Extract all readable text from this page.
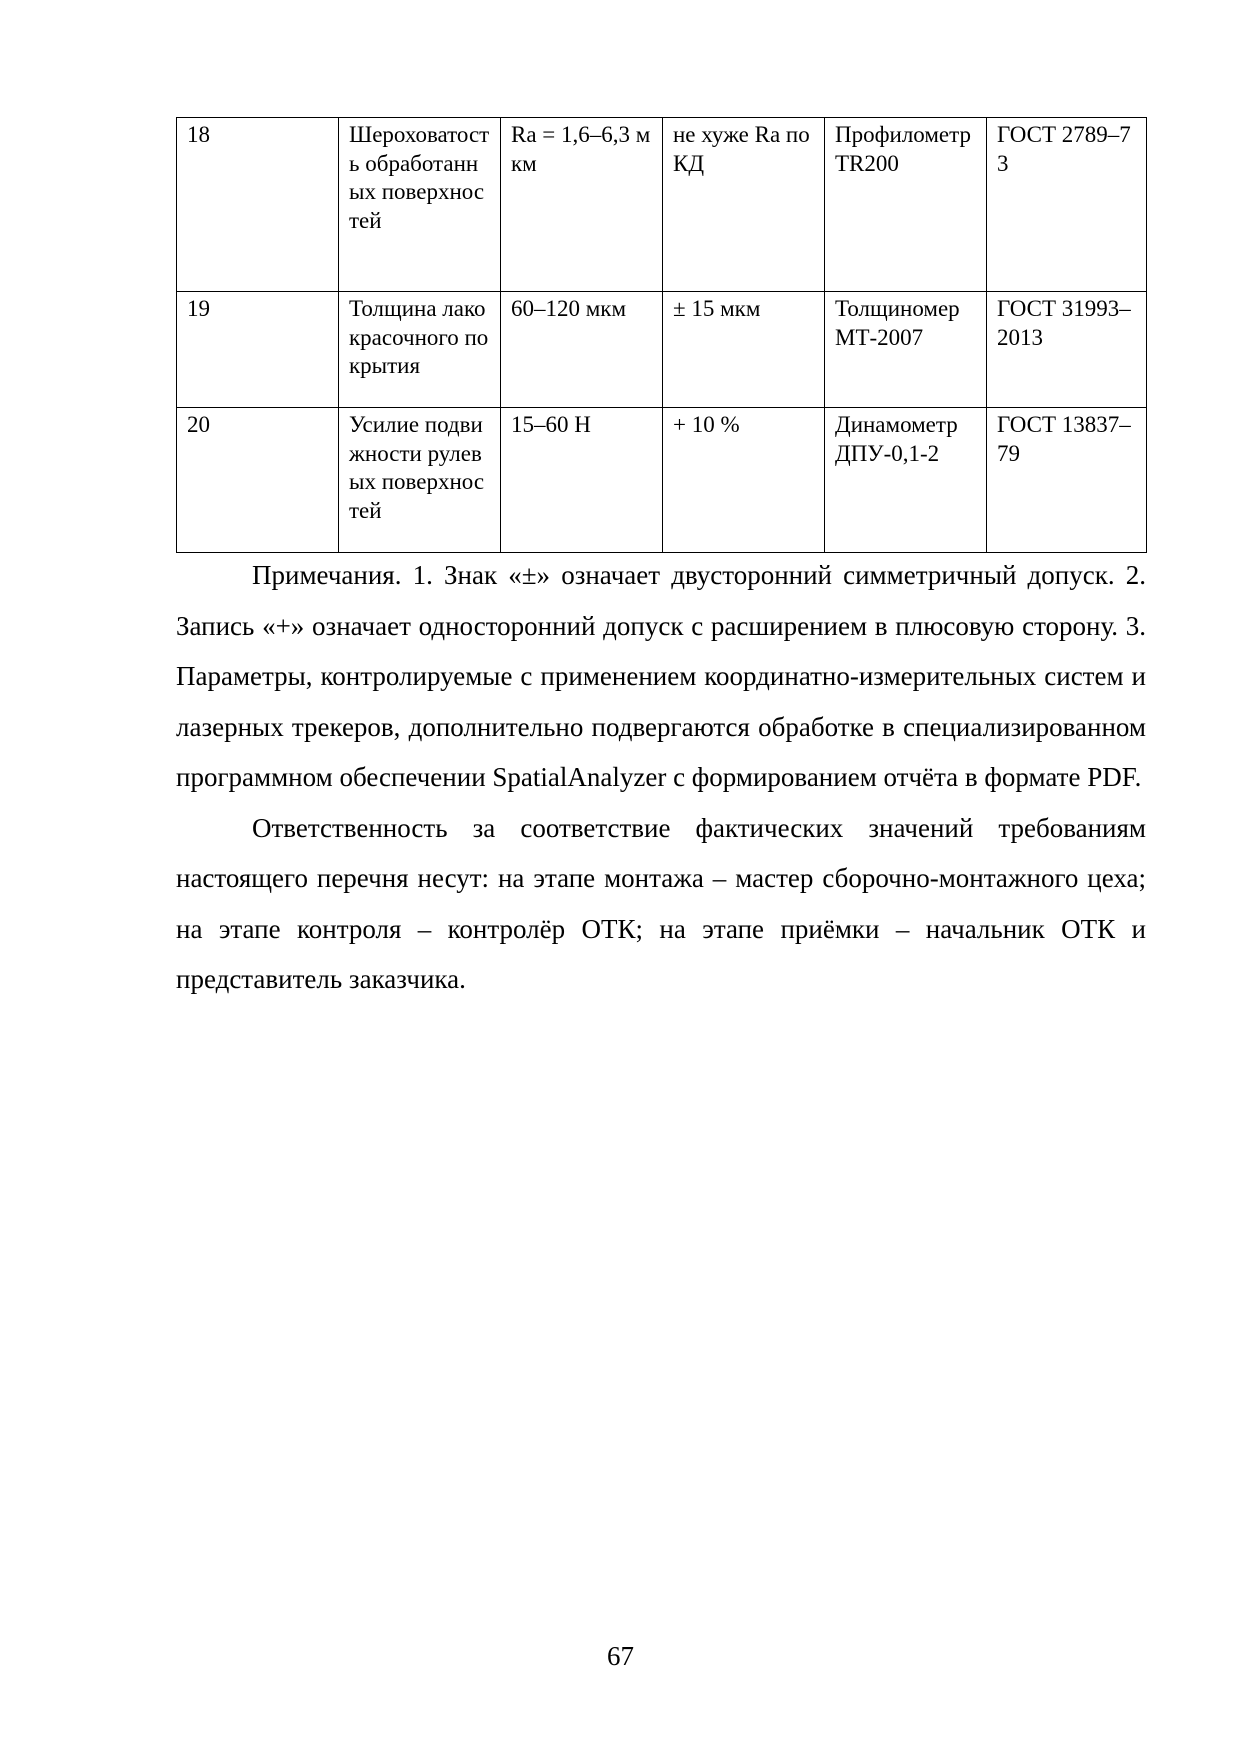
18	Шероховатость обработанных поверхностей	Ra = 1,6–6,3 мкм	не хуже Ra по КД	Профилометр TR200	ГОСТ 2789–73
19	Толщина лакокрасочного покрытия	60–120 мкм	± 15 мкм	Толщиномер МТ-2007	ГОСТ 31993–2013
20	Усилие подвижности рулевых поверхностей	15–60 Н	+ 10 %	Динамометр ДПУ-0,1-2	ГОСТ 13837–79

Примечания. 1. Знак «±» означает двусторонний симметричный допуск. 2. Запись «+» означает односторонний допуск с расширением в плюсовую сторону. 3. Параметры, контролируемые с применением координатно-измерительных систем и лазерных трекеров, дополнительно подвергаются обработке в специализированном программном обеспечении SpatialAnalyzer с формированием отчёта в формате PDF.

Ответственность за соответствие фактических значений требованиям настоящего перечня несут: на этапе монтажа – мастер сборочно-монтажного цеха; на этапе контроля – контролёр ОТК; на этапе приёмки – начальник ОТК и представитель заказчика.

67
